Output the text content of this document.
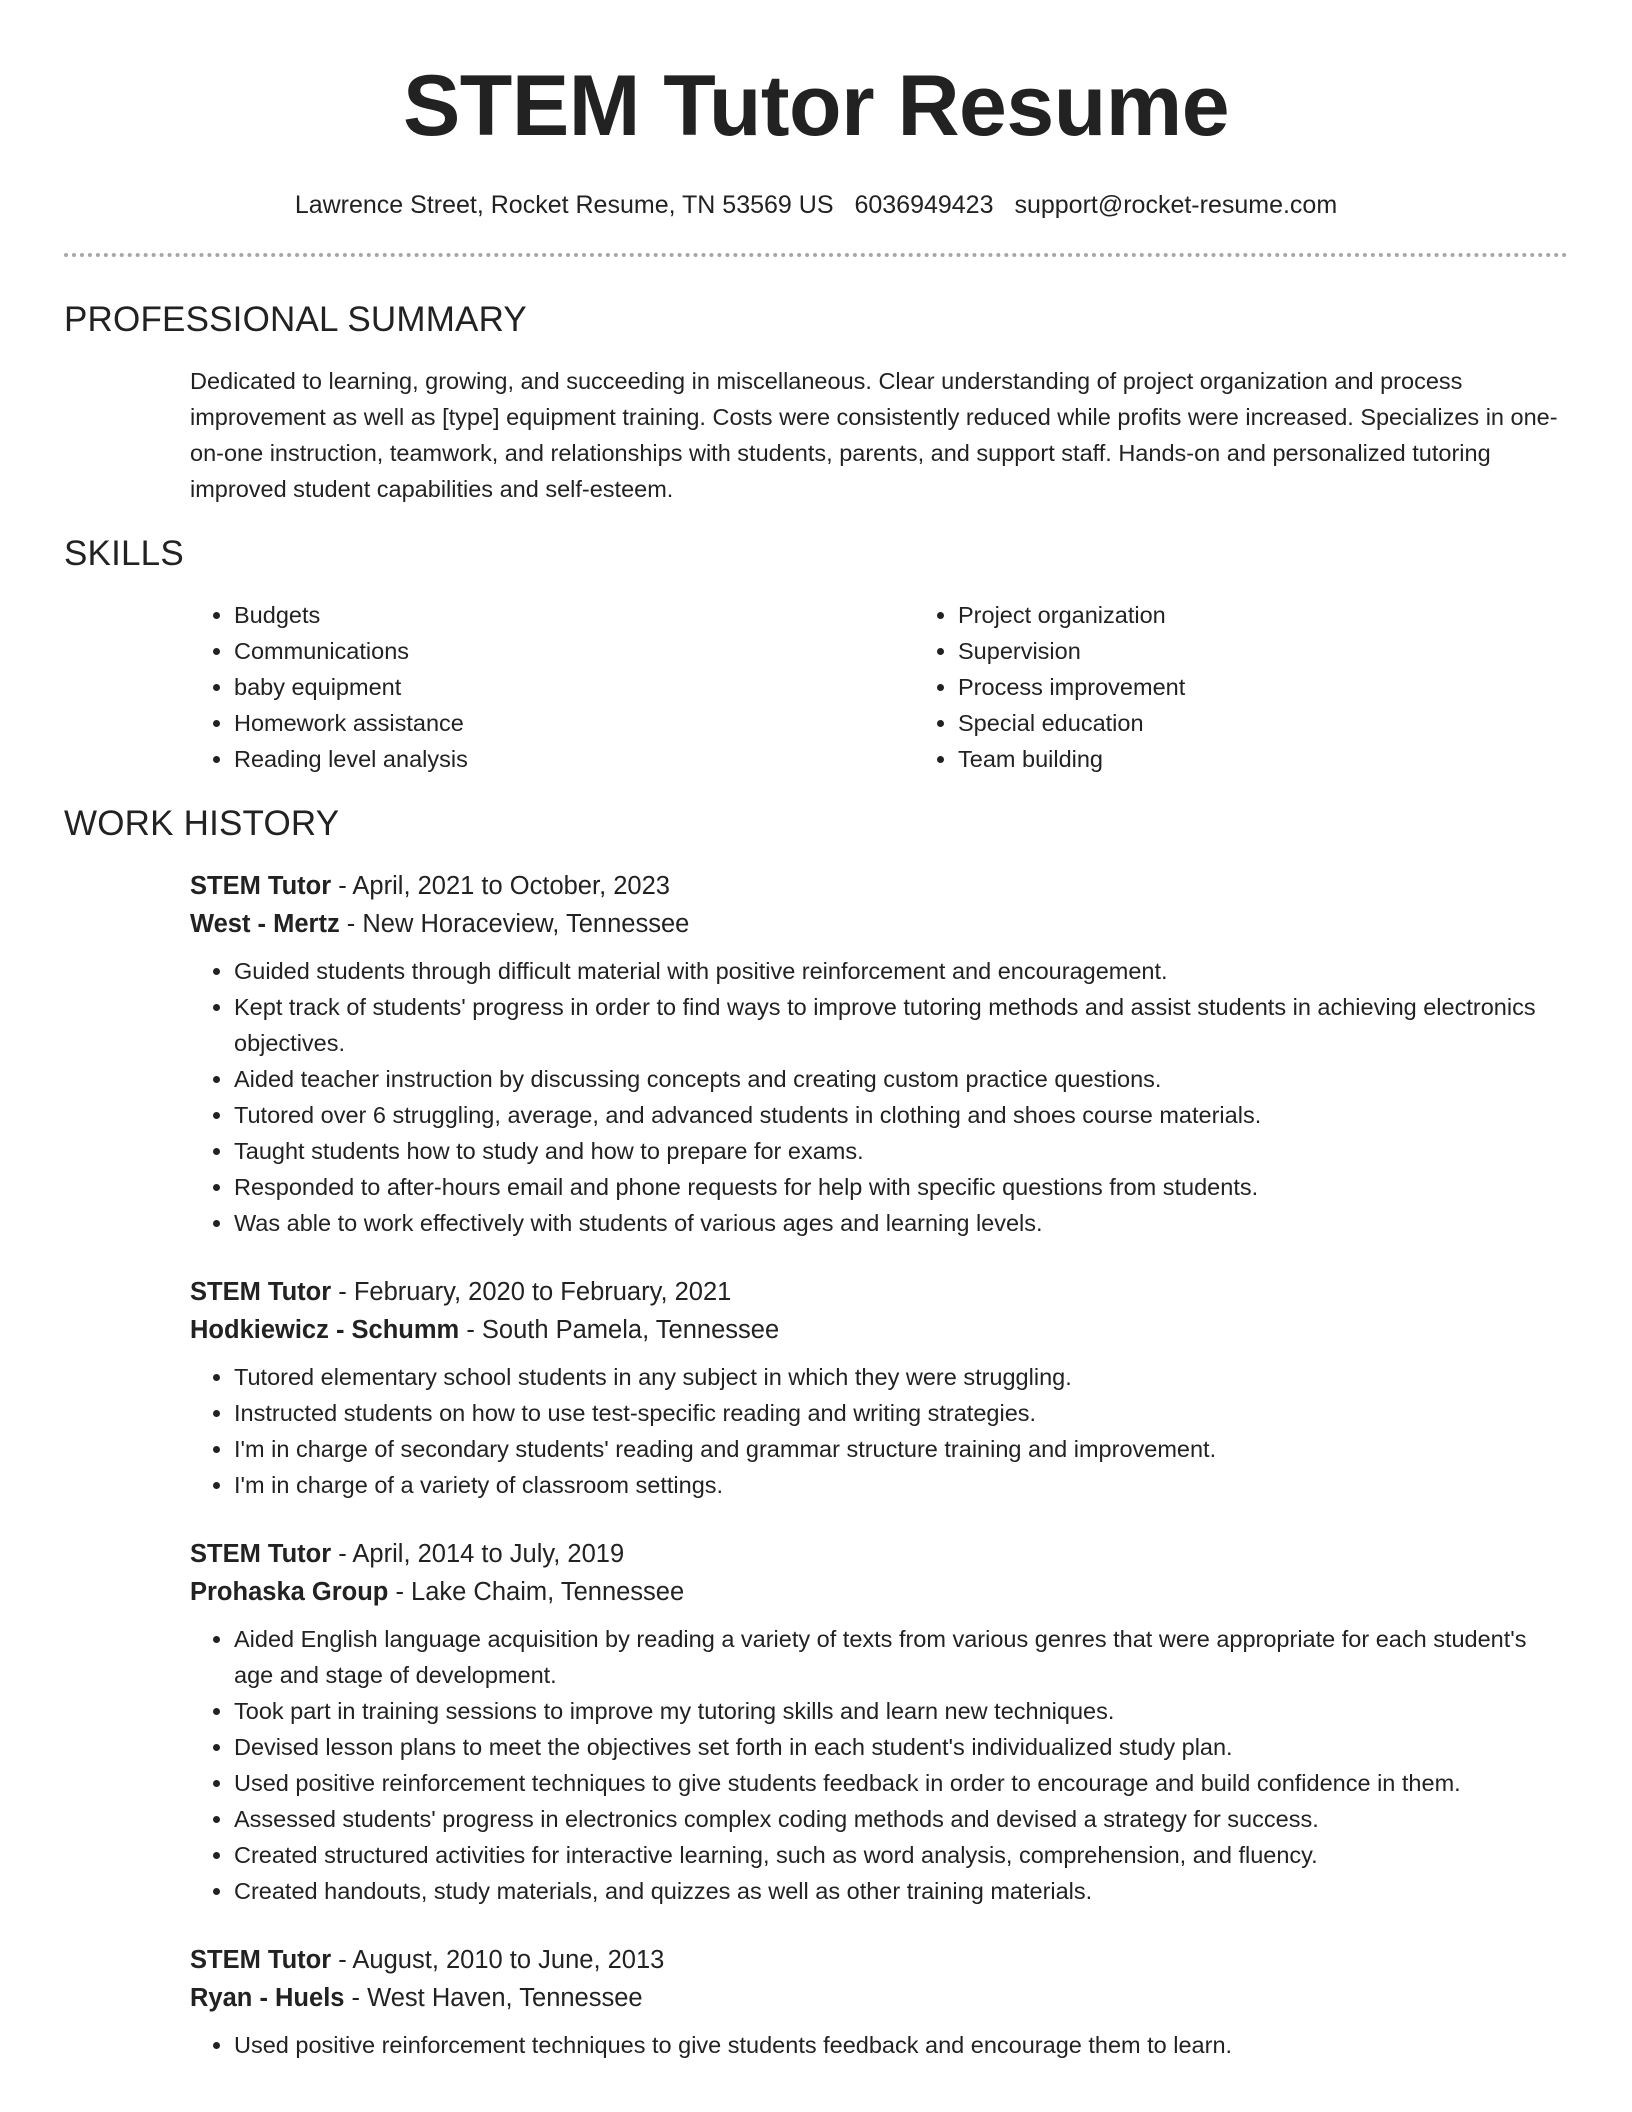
STEM Tutor Resume
Lawrence Street, Rocket Resume, TN 53569 US 6036949423 support@rocket-resume.com
PROFESSIONAL SUMMARY

Dedicated to learning, growing, and succeeding in miscellaneous. Clear understanding of project organization and process improvement as well as [type] equipment training. Costs were consistently reduced while profits were increased. Specializes in one-on-one instruction, teamwork, and relationships with students, parents, and support staff. Hands-on and personalized tutoring improved student capabilities and self-esteem.

SKILLS
• Budgets
• Communications
• baby equipment
• Homework assistance
• Reading level analysis
• Project organization
• Supervision
• Process improvement
• Special education
• Team building
WORK HISTORY
STEM Tutor - April, 2021 to October, 2023
West - Mertz - New Horaceview, Tennessee
• Guided students through difficult material with positive reinforcement and encouragement.
• Kept track of students' progress in order to find ways to improve tutoring methods and assist students in achieving electronics objectives.
• Aided teacher instruction by discussing concepts and creating custom practice questions.
• Tutored over 6 struggling, average, and advanced students in clothing and shoes course materials.
• Taught students how to study and how to prepare for exams.
• Responded to after-hours email and phone requests for help with specific questions from students.
• Was able to work effectively with students of various ages and learning levels.
STEM Tutor - February, 2020 to February, 2021
Hodkiewicz - Schumm - South Pamela, Tennessee
• Tutored elementary school students in any subject in which they were struggling.
• Instructed students on how to use test-specific reading and writing strategies.
• I'm in charge of secondary students' reading and grammar structure training and improvement.
• I'm in charge of a variety of classroom settings.
STEM Tutor - April, 2014 to July, 2019
Prohaska Group - Lake Chaim, Tennessee
• Aided English language acquisition by reading a variety of texts from various genres that were appropriate for each student's age and stage of development.
• Took part in training sessions to improve my tutoring skills and learn new techniques.
• Devised lesson plans to meet the objectives set forth in each student's individualized study plan.
• Used positive reinforcement techniques to give students feedback in order to encourage and build confidence in them.
• Assessed students' progress in electronics complex coding methods and devised a strategy for success.
• Created structured activities for interactive learning, such as word analysis, comprehension, and fluency.
• Created handouts, study materials, and quizzes as well as other training materials.
STEM Tutor - August, 2010 to June, 2013
Ryan - Huels - West Haven, Tennessee
• Used positive reinforcement techniques to give students feedback and encourage them to learn.
